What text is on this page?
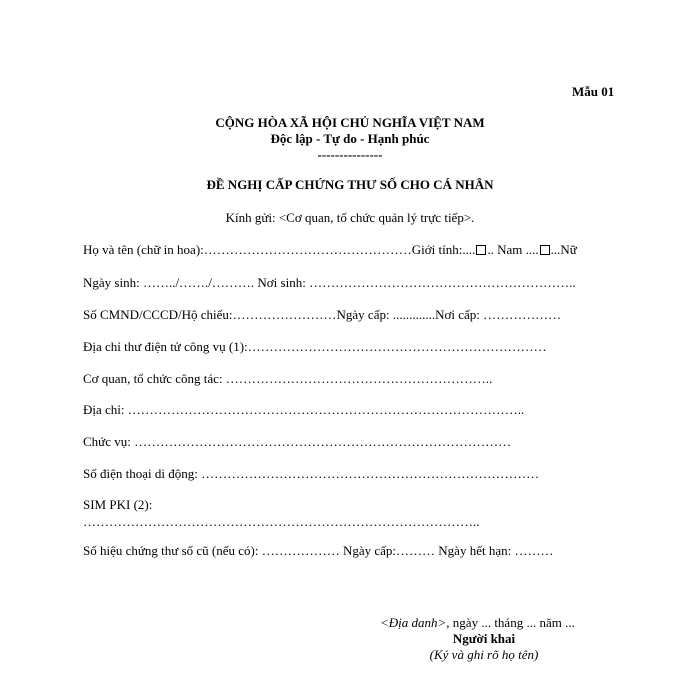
Mẫu 01
CỘNG HÒA XÃ HỘI CHỦ NGHĨA VIỆT NAM
Độc lập - Tự do - Hạnh phúc
---------------
ĐỀ NGHỊ CẤP CHỨNG THƯ SỐ CHO CÁ NHÂN
Kính gửi: <Cơ quan, tổ chức quản lý trực tiếp>.
Họ và tên (chữ in hoa):…………………………………………Giới tính:.... .. Nam .... ...Nữ
Ngày sinh: ……../……./………. Nơi sinh: ……………………………………………………..
Số CMND/CCCD/Hộ chiếu:……………………Ngày cấp: .............Nơi cấp: ………………
Địa chỉ thư điện tử công vụ (1):……………………………………………………………
Cơ quan, tổ chức công tác: ……………………………………………………..
Địa chỉ: ………………………………………………………………………………..
Chức vụ: ……………………………………………………………………………
Số điện thoại di động: ……………………………………………………………………
SIM PKI (2):
………………………………………………………………………………..
Số hiệu chứng thư số cũ (nếu có): ……………… Ngày cấp:……… Ngày hết hạn: ………
<Địa danh>, ngày ... tháng ... năm ...
Người khai
(Ký và ghi rõ họ tên)
